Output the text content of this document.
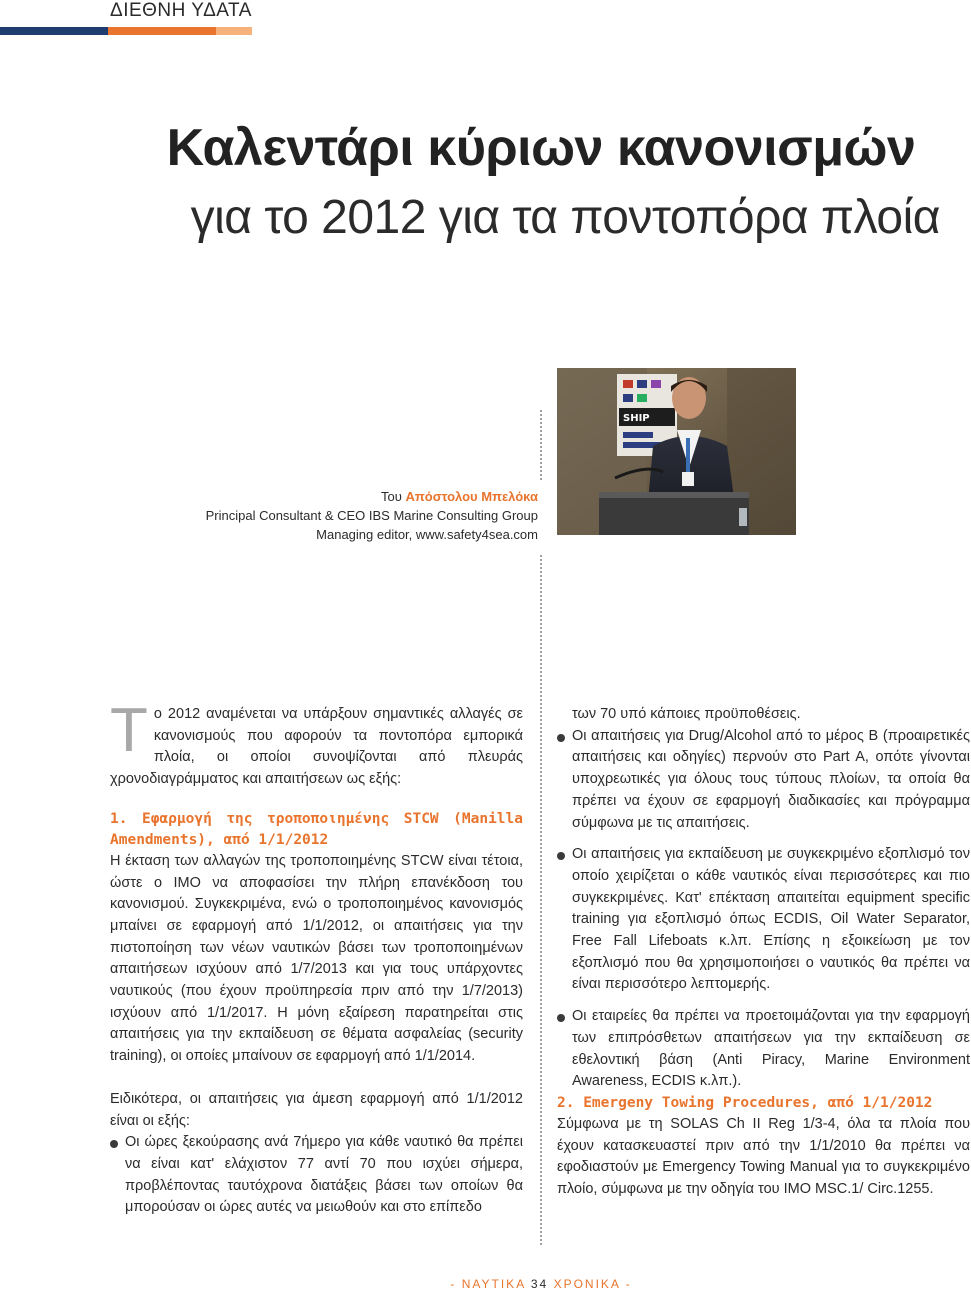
ΔΙΕΘΝΗ ΥΔΑΤΑ
Καλεντάρι κύριων κανονισμών
για το 2012 για τα ποντοπόρα πλοία
Του Απόστολου Μπελόκα
Principal Consultant & CEO IBS Marine Consulting Group
Managing editor, www.safety4sea.com
SHIP
Τ ο 2012 αναμένεται να υπάρξουν σημαντικές αλλαγές σε κανονισμούς που αφορούν τα ποντοπόρα εμπορικά πλοία, οι οποίοι συνοψίζονται από πλευράς χρονοδιαγράμματος και απαιτήσεων ως εξής:

1. Εφαρμογή της τροποποιημένης STCW (Manilla Amendments), από 1/1/2012

Η έκταση των αλλαγών της τροποποιημένης STCW είναι τέτοια, ώστε ο IMO να αποφασίσει την πλήρη επανέκδοση του κανονισμού. Συγκεκριμένα, ενώ ο τροποποιημένος κανονισμός μπαίνει σε εφαρμογή από 1/1/2012, οι απαιτήσεις για την πιστοποίηση των νέων ναυτικών βάσει των τροποποιημένων απαιτήσεων ισχύουν από 1/7/2013 και για τους υπάρχοντες ναυτικούς (που έχουν προϋπηρεσία πριν από την 1/7/2013) ισχύουν από 1/1/2017. Η μόνη εξαίρεση παρατηρείται στις απαιτήσεις για την εκπαίδευση σε θέματα ασφαλείας (security training), οι οποίες μπαίνουν σε εφαρμογή από 1/1/2014.

Ειδικότερα, οι απαιτήσεις για άμεση εφαρμογή από 1/1/2012 είναι οι εξής:

Οι ώρες ξεκούρασης ανά 7ήμερο για κάθε ναυτικό θα πρέπει να είναι κατ' ελάχιστον 77 αντί 70 που ισχύει σήμερα, προβλέποντας ταυτόχρονα διατάξεις βάσει των οποίων θα μπορούσαν οι ώρες αυτές να μειωθούν και στο επίπεδο

των 70 υπό κάποιες προϋποθέσεις.

Οι απαιτήσεις για Drug/Alcohol από το μέρος B (προαιρετικές απαιτήσεις και οδηγίες) περνούν στο Part A, οπότε γίνονται υποχρεωτικές για όλους τους τύπους πλοίων, τα οποία θα πρέπει να έχουν σε εφαρμογή διαδικασίες και πρόγραμμα σύμφωνα με τις απαιτήσεις.
Οι απαιτήσεις για εκπαίδευση με συγκεκριμένο εξοπλισμό τον οποίο χειρίζεται ο κάθε ναυτικός είναι περισσότερες και πιο συγκεκριμένες. Κατ' επέκταση απαιτείται equipment specific training για εξοπλισμό όπως ECDIS, Oil Water Separator, Free Fall Lifeboats κ.λπ. Επίσης η εξοικείωση με τον εξοπλισμό που θα χρησιμοποιήσει ο ναυτικός θα πρέπει να είναι περισσότερο λεπτομερής.
Οι εταιρείες θα πρέπει να προετοιμάζονται για την εφαρμογή των επιπρόσθετων απαιτήσεων για την εκπαίδευση σε εθελοντική βάση (Anti Piracy, Marine Environment Awareness, ECDIS κ.λπ.).

2. Emergeny Towing Procedures, από 1/1/2012

Σύμφωνα με τη SOLAS Ch II Reg 1/3-4, όλα τα πλοία που έχουν κατασκευαστεί πριν από την 1/1/2010 θα πρέπει να εφοδιαστούν με Emergency Towing Manual για το συγκεκριμένο πλοίο, σύμφωνα με την οδηγία του IMO MSC.1/ Circ.1255.

- ΝΑΥΤΙΚΑ 34 ΧΡΟΝΙΚΑ -
